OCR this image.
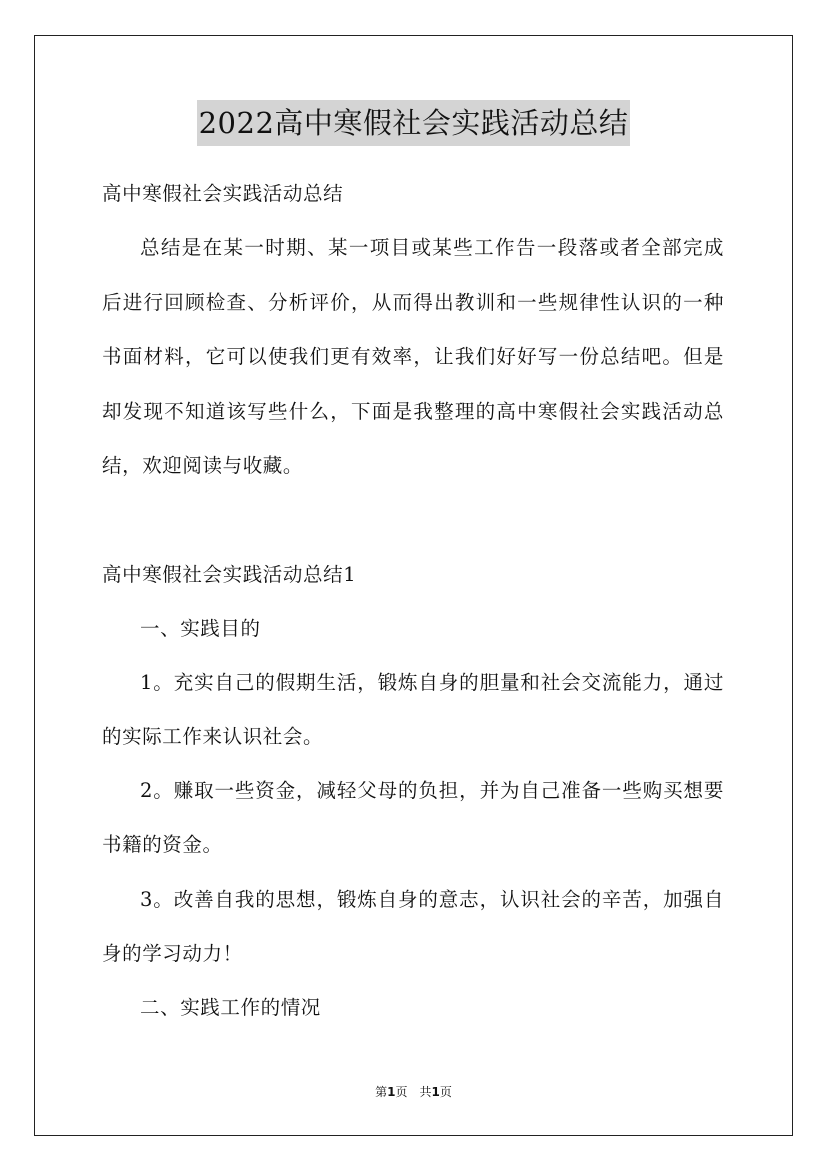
2022高中寒假社会实践活动总结
高中寒假社会实践活动总结
总结是在某一时期、某一项目或某些工作告一段落或者全部完成
后进行回顾检查、分析评价，从而得出教训和一些规律性认识的一种
书面材料，它可以使我们更有效率，让我们好好写一份总结吧。但是
却发现不知道该写些什么，下面是我整理的高中寒假社会实践活动总
结，欢迎阅读与收藏。
高中寒假社会实践活动总结1
一、实践目的
1。充实自己的假期生活，锻炼自身的胆量和社会交流能力，通过
的实际工作来认识社会。
2。赚取一些资金，减轻父母的负担，并为自己准备一些购买想要
书籍的资金。
3。改善自我的思想，锻炼自身的意志，认识社会的辛苦，加强自
身的学习动力！
二、实践工作的情况
第1页　共1页
